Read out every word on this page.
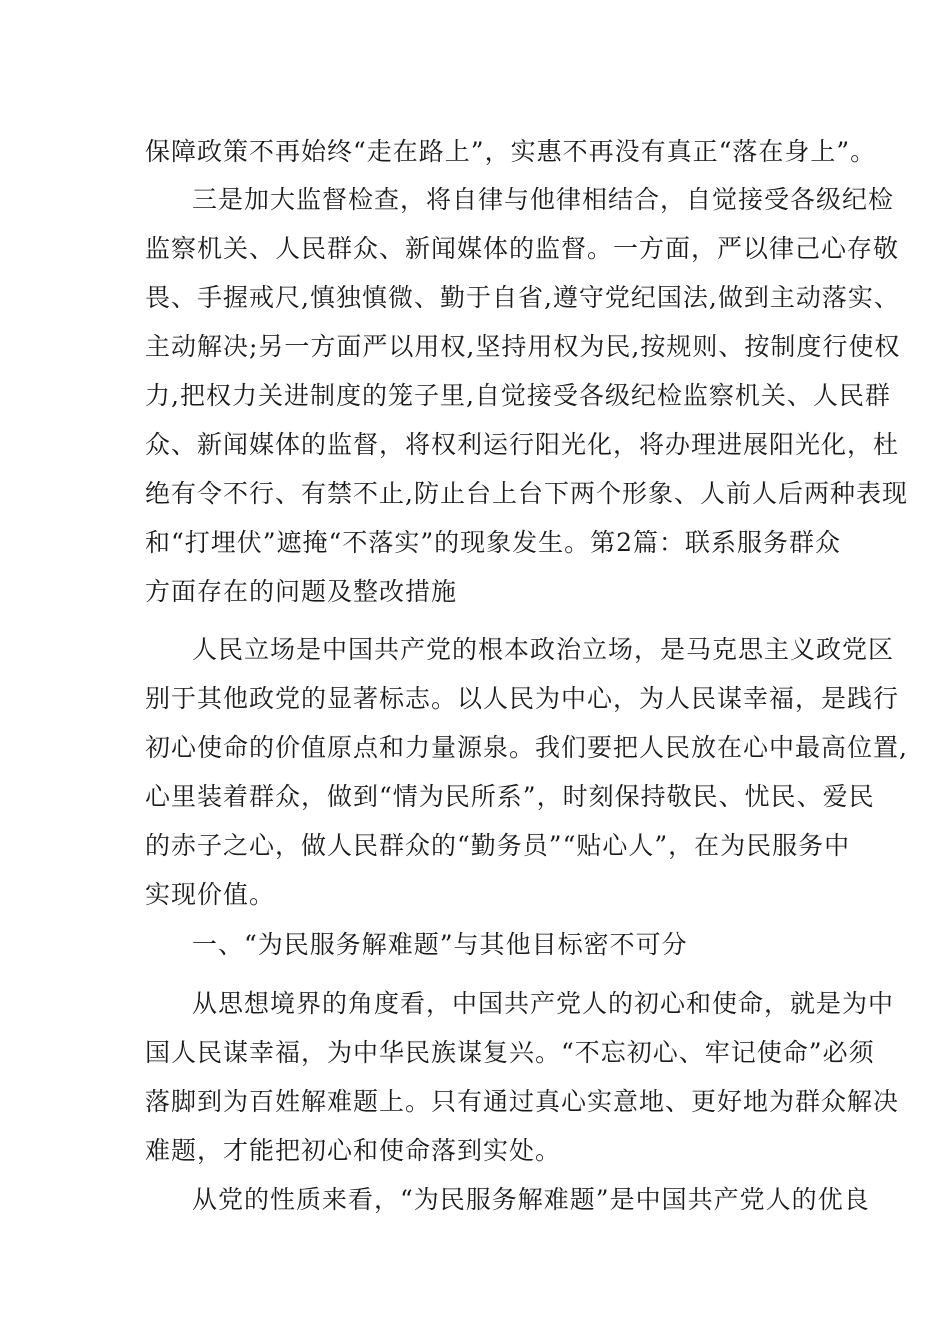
保障政策不再始终“走在路上”，实惠不再没有真正“落在身上”。
三是加大监督检查，将自律与他律相结合，自觉接受各级纪检
监察机关、人民群众、新闻媒体的监督。一方面，严以律己心存敬
畏、手握戒尺,慎独慎微、勤于自省,遵守党纪国法,做到主动落实、
主动解决;另一方面严以用权,坚持用权为民,按规则、按制度行使权
力,把权力关进制度的笼子里,自觉接受各级纪检监察机关、人民群
众、新闻媒体的监督，将权利运行阳光化，将办理进展阳光化，杜
绝有令不行、有禁不止,防止台上台下两个形象、人前人后两种表现
和“打埋伏”遮掩“不落实”的现象发生。第2篇：联系服务群众
方面存在的问题及整改措施
人民立场是中国共产党的根本政治立场，是马克思主义政党区
别于其他政党的显著标志。以人民为中心，为人民谋幸福，是践行
初心使命的价值原点和力量源泉。我们要把人民放在心中最高位置,
心里装着群众，做到“情为民所系”，时刻保持敬民、忧民、爱民
的赤子之心，做人民群众的“勤务员”“贴心人”，在为民服务中
实现价值。
一、“为民服务解难题”与其他目标密不可分
从思想境界的角度看，中国共产党人的初心和使命，就是为中
国人民谋幸福，为中华民族谋复兴。“不忘初心、牢记使命”必须
落脚到为百姓解难题上。只有通过真心实意地、更好地为群众解决
难题，才能把初心和使命落到实处。
从党的性质来看，“为民服务解难题”是中国共产党人的优良
